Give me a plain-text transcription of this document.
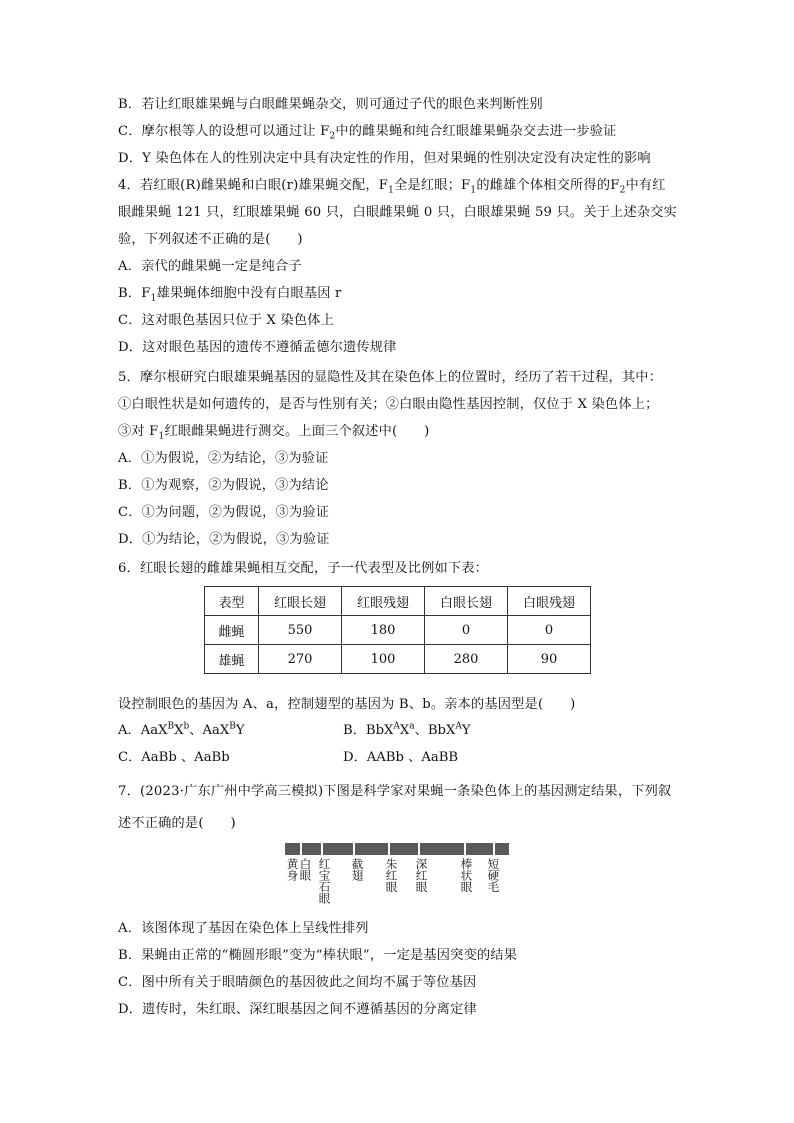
B．若让红眼雄果蝇与白眼雌果蝇杂交，则可通过子代的眼色来判断性别
C．摩尔根等人的设想可以通过让 $F_2$中的雌果蝇和纯合红眼雄果蝇杂交去进一步验证
D．Y 染色体在人的性别决定中具有决定性的作用，但对果蝇的性别决定没有决定性的影响
4．若红眼(R)雌果蝇和白眼(r)雄果蝇交配，$F_1$全是红眼；$F_1$的雌雄个体相交所得的$F_2$中有红
眼雌果蝇 121 只，红眼雄果蝇 60 只，白眼雌果蝇 0 只，白眼雄果蝇 59 只。关于上述杂交实
验，下列叙述不正确的是(　　)
A．亲代的雌果蝇一定是纯合子
B．$F_1$雄果蝇体细胞中没有白眼基因 r
C．这对眼色基因只位于 X 染色体上
D．这对眼色基因的遗传不遵循孟德尔遗传规律
5．摩尔根研究白眼雄果蝇基因的显隐性及其在染色体上的位置时，经历了若干过程，其中：
①白眼性状是如何遗传的，是否与性别有关；②白眼由隐性基因控制，仅位于 X 染色体上；
③对 $F_1$红眼雌果蝇进行测交。上面三个叙述中(　　)
A．①为假说，②为结论，③为验证
B．①为观察，②为假说，③为结论
C．①为问题，②为假说，③为验证
D．①为结论，②为假说，③为验证
6．红眼长翅的雌雄果蝇相互交配，子一代表型及比例如下表：
表型	红眼长翅	红眼残翅	白眼长翅	白眼残翅
雌蝇	550	180	0	0
雄蝇	270	100	280	90
设控制眼色的基因为 A、a，控制翅型的基因为 B、b。亲本的基因型是(　　)
A．$AaX^BX^b$、AaX$^B$Y	B．$BbX^AX^a$、BbX$^A$Y
C．AaBb 、AaBb	D．AABb 、AaBB
7．(2023·广东广州中学高三模拟)下图是科学家对果蝇一条染色体上的基因测定结果，下列叙
述不正确的是(　　)
黄身 白眼 红宝石眼 截翅 朱红眼 深红眼	棒状眼 短硬毛
A．该图体现了基因在染色体上呈线性排列
B．果蝇由正常的“椭圆形眼”变为“棒状眼”，一定是基因突变的结果
C．图中所有关于眼睛颜色的基因彼此之间均不属于等位基因
D．遗传时，朱红眼、深红眼基因之间不遵循基因的分离定律
